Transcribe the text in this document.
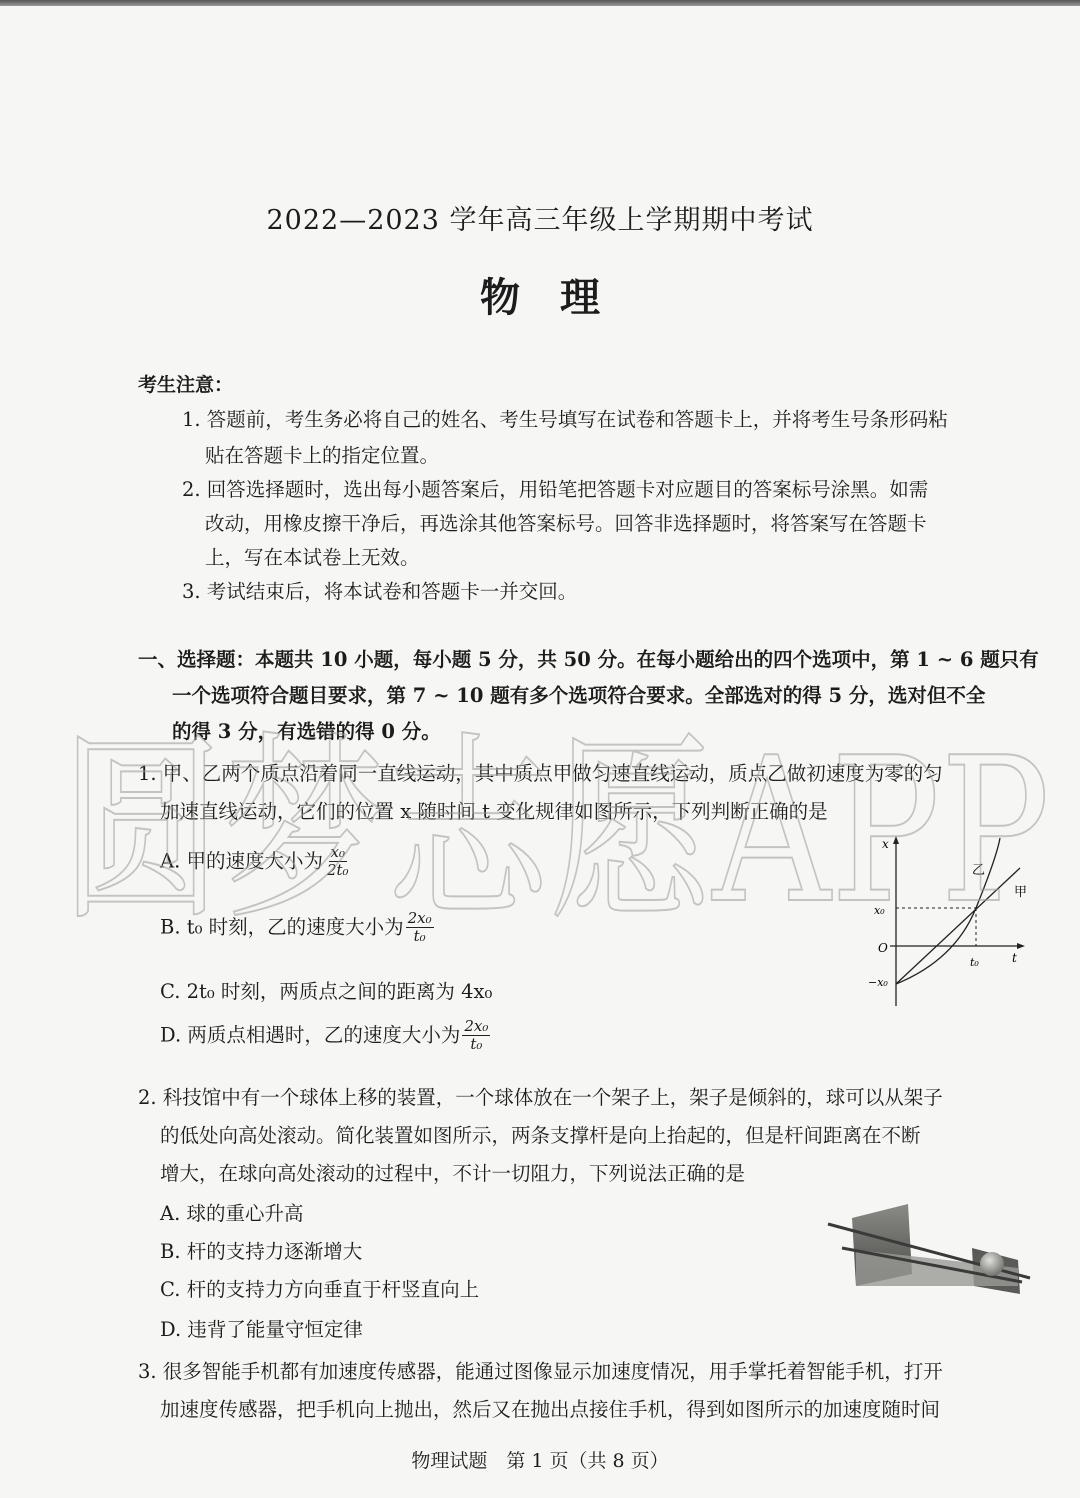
2022—2023 学年高三年级上学期期中考试
物理
考生注意：
1. 答题前，考生务必将自己的姓名、考生号填写在试卷和答题卡上，并将考生号条形码粘
贴在答题卡上的指定位置。
2. 回答选择题时，选出每小题答案后，用铅笔把答题卡对应题目的答案标号涂黑。如需
改动，用橡皮擦干净后，再选涂其他答案标号。回答非选择题时，将答案写在答题卡
上，写在本试卷上无效。
3. 考试结束后，将本试卷和答题卡一并交回。
一、选择题：本题共 10 小题，每小题 5 分，共 50 分。在每小题给出的四个选项中，第 1 ~ 6 题只有
一个选项符合题目要求，第 7 ~ 10 题有多个选项符合要求。全部选对的得 5 分，选对但不全
的得 3 分，有选错的得 0 分。
1. 甲、乙两个质点沿着同一直线运动，其中质点甲做匀速直线运动，质点乙做初速度为零的匀
加速直线运动，它们的位置 x 随时间 t 变化规律如图所示，下列判断正确的是
A. 甲的速度大小为 $\frac{\text{x₀}}{\text{2t₀}}$
B. t₀ 时刻，乙的速度大小为 $\frac{\text{2x₀}}{\text{t₀}}$
C. 2t₀ 时刻，两质点之间的距离为 4x₀
D. 两质点相遇时，乙的速度大小为 $\frac{\text{2x₀}}{\text{t₀}}$
x
t
O
x₀
−x₀
t₀
乙
甲
2. 科技馆中有一个球体上移的装置，一个球体放在一个架子上，架子是倾斜的，球可以从架子
的低处向高处滚动。简化装置如图所示，两条支撑杆是向上抬起的，但是杆间距离在不断
增大，在球向高处滚动的过程中，不计一切阻力，下列说法正确的是
A. 球的重心升高
B. 杆的支持力逐渐增大
C. 杆的支持力方向垂直于杆竖直向上
D. 违背了能量守恒定律
3. 很多智能手机都有加速度传感器，能通过图像显示加速度情况，用手掌托着智能手机，打开
加速度传感器，把手机向上抛出，然后又在抛出点接住手机，得到如图所示的加速度随时间
物理试题　第 1 页（共 8 页）
圆梦志愿APP
